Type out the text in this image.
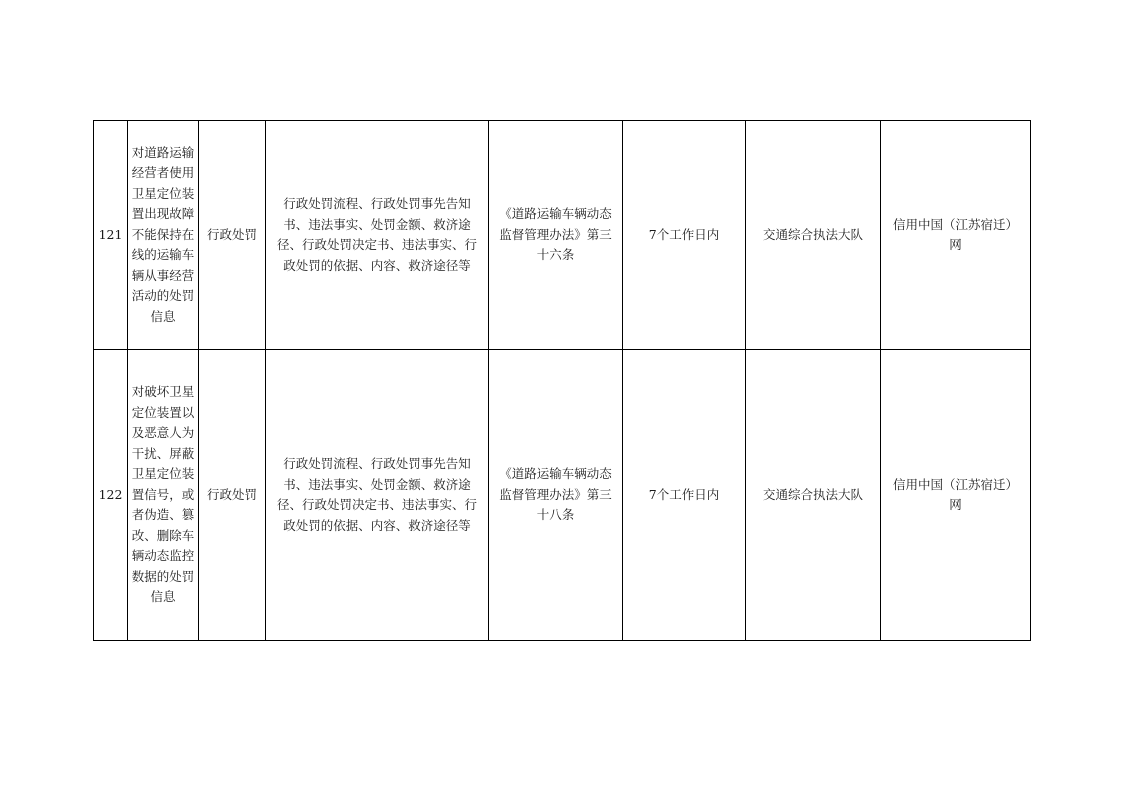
121	对道路运输经营者使用卫星定位装置出现故障不能保持在线的运输车辆从事经营活动的处罚信息	行政处罚	行政处罚流程、行政处罚事先告知书、违法事实、处罚金额、救济途径、行政处罚决定书、违法事实、行政处罚的依据、内容、救济途径等	《道路运输车辆动态监督管理办法》第三十六条	7个工作日内	交通综合执法大队	信用中国（江苏宿迁）网

122	对破坏卫星定位装置以及恶意人为干扰、屏蔽卫星定位装置信号，或者伪造、篡改、删除车辆动态监控数据的处罚信息	行政处罚	行政处罚流程、行政处罚事先告知书、违法事实、处罚金额、救济途径、行政处罚决定书、违法事实、行政处罚的依据、内容、救济途径等	《道路运输车辆动态监督管理办法》第三十八条	7个工作日内	交通综合执法大队	信用中国（江苏宿迁）网
